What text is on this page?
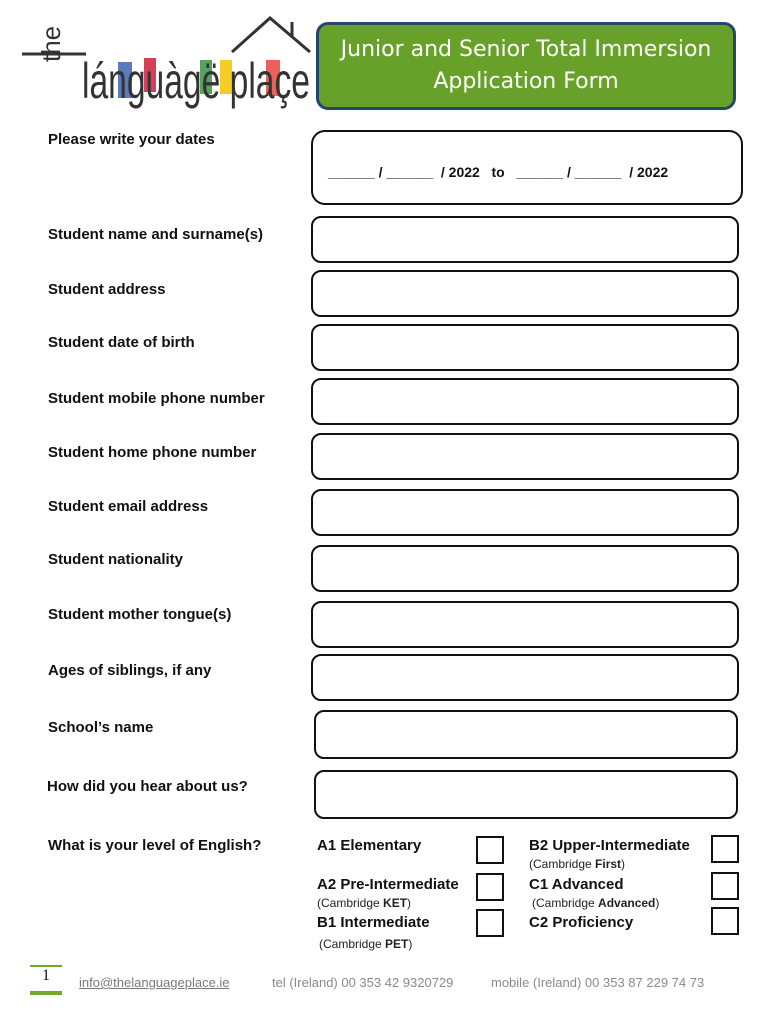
the
lánguàgë plaçe
Junior and Senior Total Immersion
Application Form
Please write your dates
______ / ______  / 2022   to   ______ / ______  / 2022
Student name and surname(s)
Student address
Student date of birth
Student mobile phone number
Student home phone number
Student email address
Student nationality
Student mother tongue(s)
Ages of siblings, if any
School’s name
How did you hear about us?
What is your level of English?	A1 Elementary
A2 Pre-Intermediate
(Cambridge KET)
B1 Intermediate
(Cambridge PET)
B2 Upper-Intermediate
(Cambridge First)
C1 Advanced
(Cambridge Advanced)
C2 Proficiency
1	info@thelanguageplace.ie	tel (Ireland) 00 353 42 9320729	mobile (Ireland) 00 353 87 229 74 73
